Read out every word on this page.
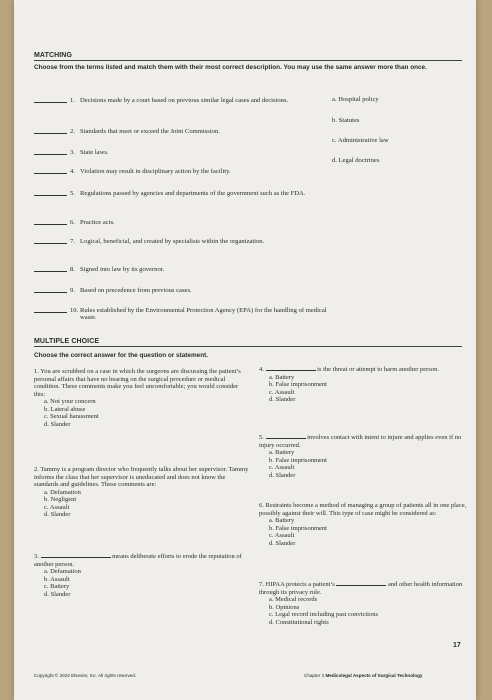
MATCHING
Choose from the terms listed and match them with their most correct description. You may use the same answer more than once.
1. Decisions made by a court based on previous similar legal cases and decisions.
2. Standards that meet or exceed the Joint Commission.
3. State laws.
4. Violation may result in disciplinary action by the facility.
5. Regulations passed by agencies and departments of the government such as the FDA.
6. Practice acts.
7. Logical, beneficial, and created by specialists within the organization.
8. Signed into law by its governor.
9. Based on precedence from previous cases.
10. Rules established by the Environmental Protection Agency (EPA) for the handling of medical waste.
a. Hospital policy
b. Statutes
c. Administrative law
d. Legal doctrines
MULTIPLE CHOICE
Choose the correct answer for the question or statement.
1. You are scrubbed on a case in which the surgeons are discussing the patient’s personal affairs that have no bearing on the surgical procedure or medical condition. These comments make you feel uncomfortable; you would consider this:
a. Not your concern
b. Lateral abuse
c. Sexual harassment
d. Slander
2. Tammy is a program director who frequently talks about her supervisor. Tammy informs the class that her supervisor is uneducated and does not know the standards and guidelines. These comments are:
a. Defamation
b. Negligent
c. Assault
d. Slander
3.	means deliberate efforts to erode the reputation of another person.
a. Defamation
b. Assault
c. Battery
d. Slander
4.	is the threat or attempt to harm another person.
a. Battery
b. False imprisonment
c. Assault
d. Slander
5.	involves contact with intent to injure and applies even if no injury occurred.
a. Battery
b. False imprisonment
c. Assault
d. Slander
6. Restraints become a method of managing a group of patients all in one place, possibly against their will. This type of case might be considered as:
a. Battery
b. False imprisonment
c. Assault
d. Slander
7. HIPAA protects a patient’s	and other health information through its privacy rule.
a. Medical records
b. Opinions
c. Legal record including past convictions
d. Constitutional rights
17
Copyright © 2022 Elsevier, Inc. All rights reserved.	Chapter 3 Medicolegal Aspects of Surgical Technology
